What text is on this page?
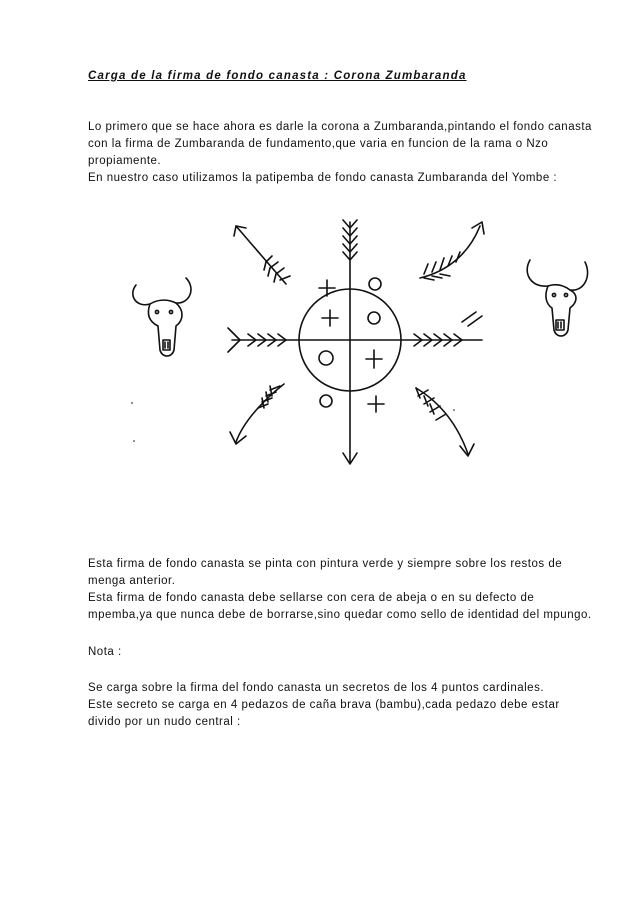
Carga de la firma de fondo canasta : Corona Zumbaranda

Lo primero que se hace ahora es darle la corona a Zumbaranda,pintando el fondo canasta
con la firma de Zumbaranda de fundamento,que varia en funcion de la rama o Nzo
propiamente.
En nuestro caso utilizamos la patipemba de fondo canasta Zumbaranda del Yombe :

Esta firma de fondo canasta se pinta con pintura verde y siempre sobre los restos de
menga anterior.
Esta firma de fondo canasta debe sellarse con cera de abeja o en su defecto de
mpemba,ya que nunca debe de borrarse,sino quedar como sello de identidad del mpungo.

Nota :

Se carga sobre la firma del fondo canasta un secretos de los 4 puntos cardinales.
Este secreto se carga en 4 pedazos de caña brava (bambu),cada pedazo debe estar
divido por un nudo central :
